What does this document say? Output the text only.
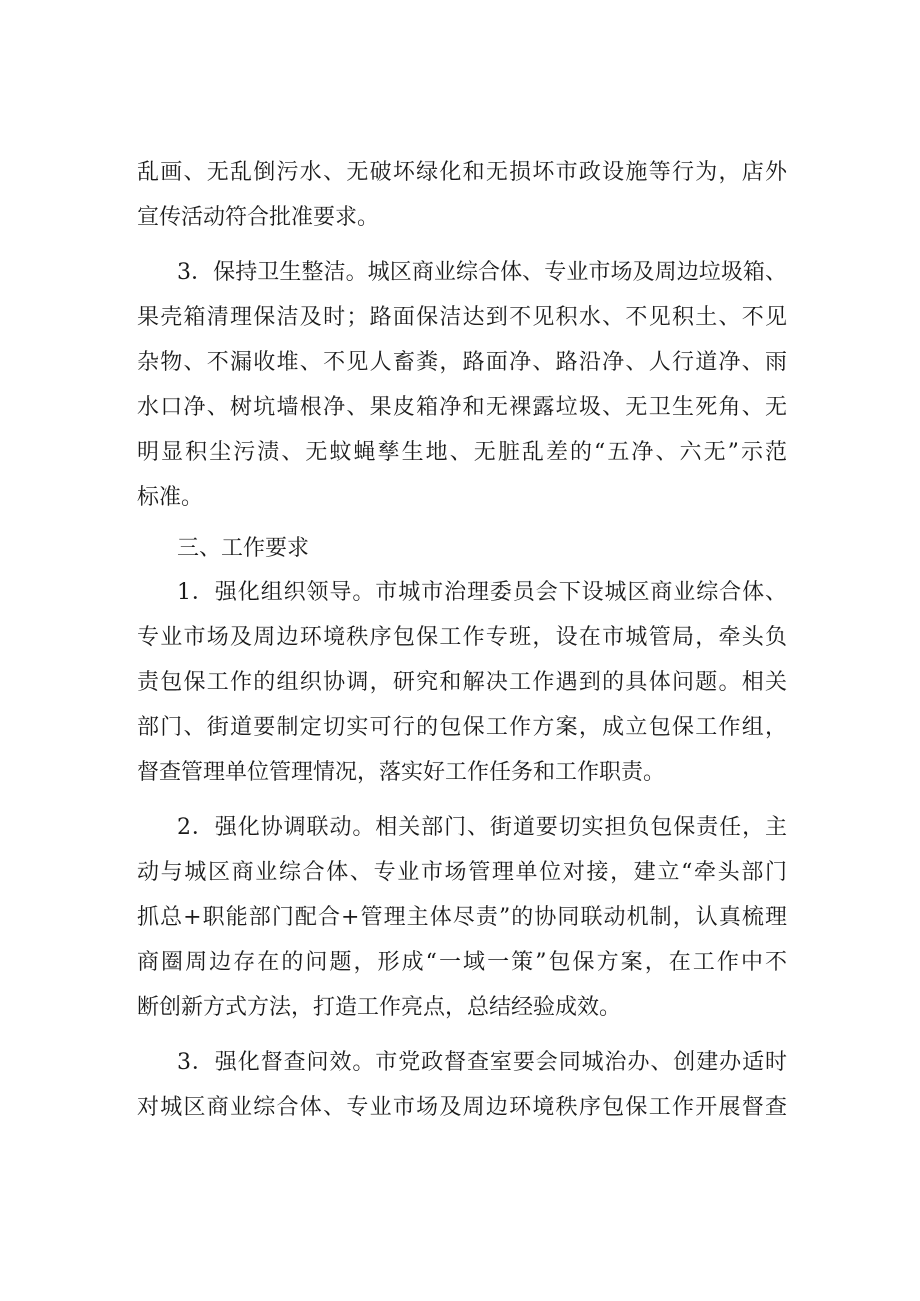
乱画、无乱倒污水、无破坏绿化和无损坏市政设施等行为，店外

宣传活动符合批准要求。

3．保持卫生整洁。城区商业综合体、专业市场及周边垃圾箱、

果壳箱清理保洁及时；路面保洁达到不见积水、不见积土、不见

杂物、不漏收堆、不见人畜粪，路面净、路沿净、人行道净、雨

水口净、树坑墙根净、果皮箱净和无裸露垃圾、无卫生死角、无

明显积尘污渍、无蚊蝇孳生地、无脏乱差的“五净、六无”示范

标准。

三、工作要求

1．强化组织领导。市城市治理委员会下设城区商业综合体、

专业市场及周边环境秩序包保工作专班，设在市城管局，牵头负

责包保工作的组织协调，研究和解决工作遇到的具体问题。相关

部门、街道要制定切实可行的包保工作方案，成立包保工作组，

督查管理单位管理情况，落实好工作任务和工作职责。

2．强化协调联动。相关部门、街道要切实担负包保责任，主

动与城区商业综合体、专业市场管理单位对接，建立“牵头部门

抓总+职能部门配合+管理主体尽责”的协同联动机制，认真梳理

商圈周边存在的问题，形成“一域一策”包保方案，在工作中不

断创新方式方法，打造工作亮点，总结经验成效。

3．强化督查问效。市党政督查室要会同城治办、创建办适时

对城区商业综合体、专业市场及周边环境秩序包保工作开展督查
